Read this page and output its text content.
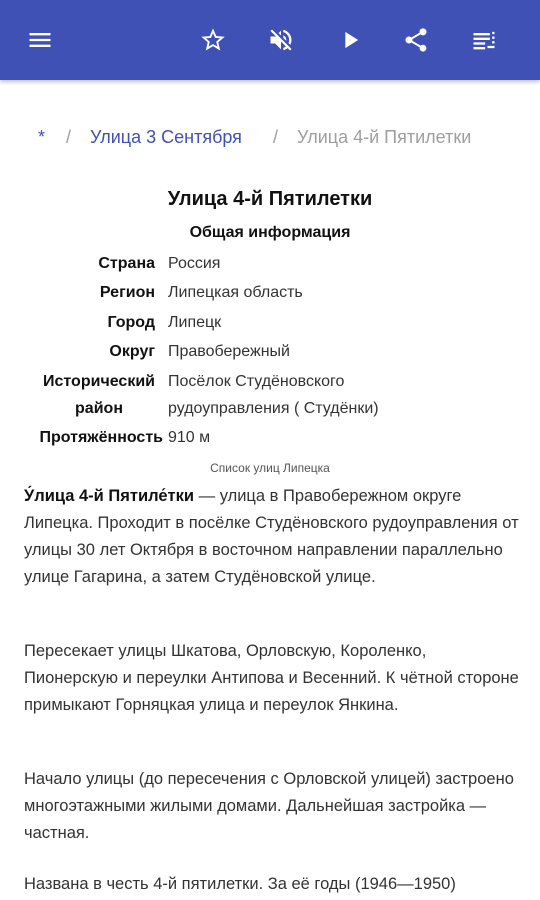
* / Улица 3 Сентября / Улица 4-й Пятилетки
Улица 4-й Пятилетки
Общая информация
Страна Россия
Регион Липецкая область
Город Липецк
Округ Правобережный
Исторический
район
Посёлок Студёновского рудоуправления ( Студёнки)
Протяжённость 910 м
Список улиц Липецка

У́лица 4-й Пятиле́тки — улица в Правобережном округе Липецка. Проходит в посёлке Студёновского рудоуправления от улицы 30 лет Октября в восточном направлении параллельно улице Гагарина, а затем Студёновской улице.

Пересекает улицы Шкатова, Орловскую, Короленко, Пионерскую и переулки Антипова и Весенний. К чётной стороне примыкают Горняцкая улица и переулок Янкина.

Начало улицы (до пересечения с Орловской улицей) застроено многоэтажными жилыми домами. Дальнейшая застройка — частная.

Названа в честь 4-й пятилетки. За её годы (1946—1950)
